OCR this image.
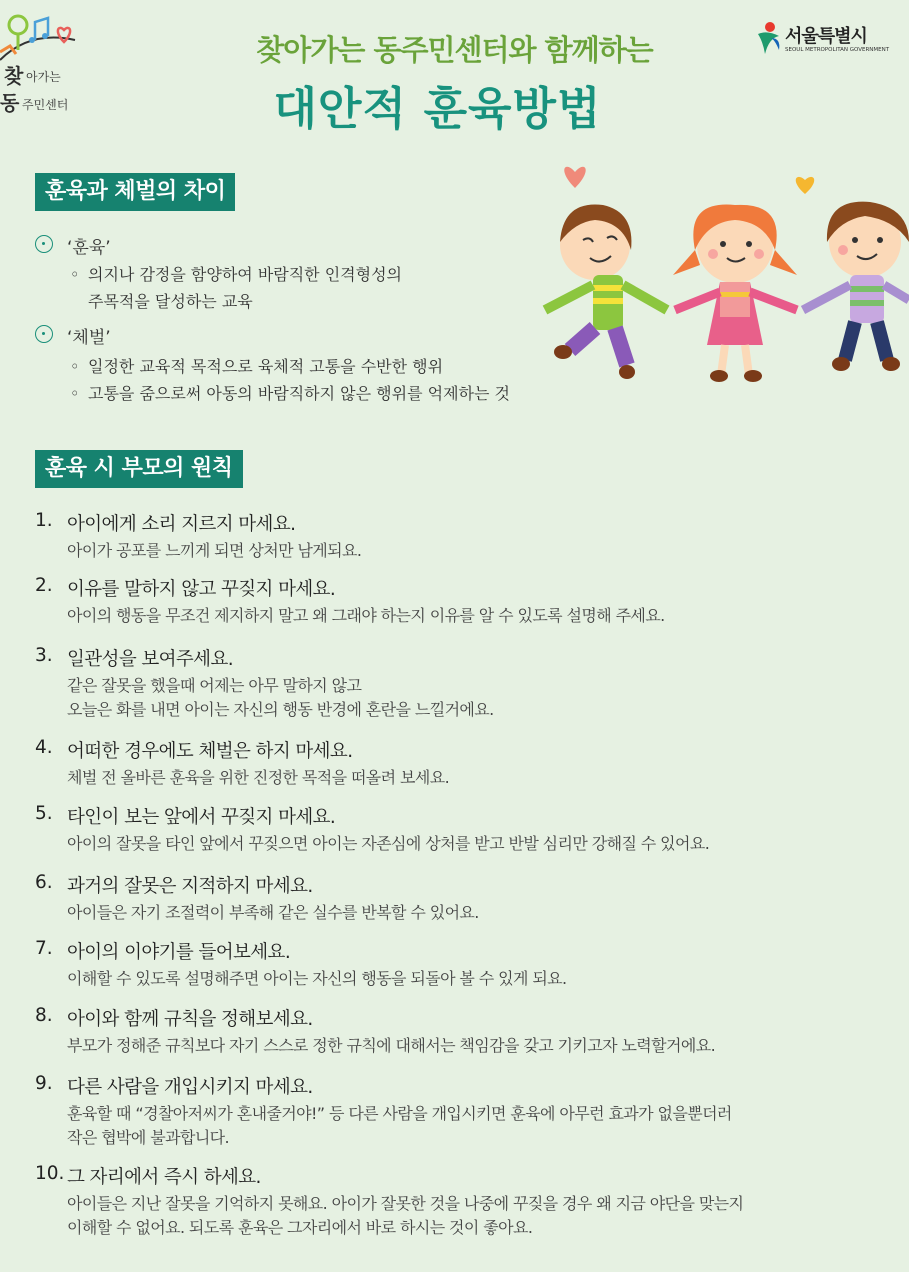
찾 아가는
동 주민센터
서울특별시
SEOUL METROPOLITAN GOVERNMENT
찾아가는 동주민센터와 함께하는
대안적 훈육방법
훈육과 체벌의 차이
‘훈육’
◦ 의지나 감정을 함양하여 바람직한 인격형성의
주목적을 달성하는 교육
‘체벌’
◦ 일정한 교육적 목적으로 육체적 고통을 수반한 행위
◦ 고통을 줌으로써 아동의 바람직하지 않은 행위를 억제하는 것
훈육 시 부모의 원칙
1. 아이에게 소리 지르지 마세요.
아이가 공포를 느끼게 되면 상처만 남게되요.
2. 이유를 말하지 않고 꾸짖지 마세요.
아이의 행동을 무조건 제지하지 말고 왜 그래야 하는지 이유를 알 수 있도록 설명해 주세요.
3. 일관성을 보여주세요.
같은 잘못을 했을때 어제는 아무 말하지 않고
오늘은 화를 내면 아이는 자신의 행동 반경에 혼란을 느낄거에요.
4. 어떠한 경우에도 체벌은 하지 마세요.
체벌 전 올바른 훈육을 위한 진정한 목적을 떠올려 보세요.
5. 타인이 보는 앞에서 꾸짖지 마세요.
아이의 잘못을 타인 앞에서 꾸짖으면 아이는 자존심에 상처를 받고 반발 심리만 강해질 수 있어요.
6. 과거의 잘못은 지적하지 마세요.
아이들은 자기 조절력이 부족해 같은 실수를 반복할 수 있어요.
7. 아이의 이야기를 들어보세요.
이해할 수 있도록 설명해주면 아이는 자신의 행동을 되돌아 볼 수 있게 되요.
8. 아이와 함께 규칙을 정해보세요.
부모가 정해준 규칙보다 자기 스스로 정한 규칙에 대해서는 책임감을 갖고 기키고자 노력할거에요.
9. 다른 사람을 개입시키지 마세요.
훈육할 때 “경찰아저씨가 혼내줄거야!” 등 다른 사람을 개입시키면 훈육에 아무런 효과가 없을뿐더러
작은 협박에 불과합니다.
10. 그 자리에서 즉시 하세요.
아이들은 지난 잘못을 기억하지 못해요. 아이가 잘못한 것을 나중에 꾸짖을 경우 왜 지금 야단을 맞는지
이해할 수 없어요. 되도록 훈육은 그자리에서 바로 하시는 것이 좋아요.
